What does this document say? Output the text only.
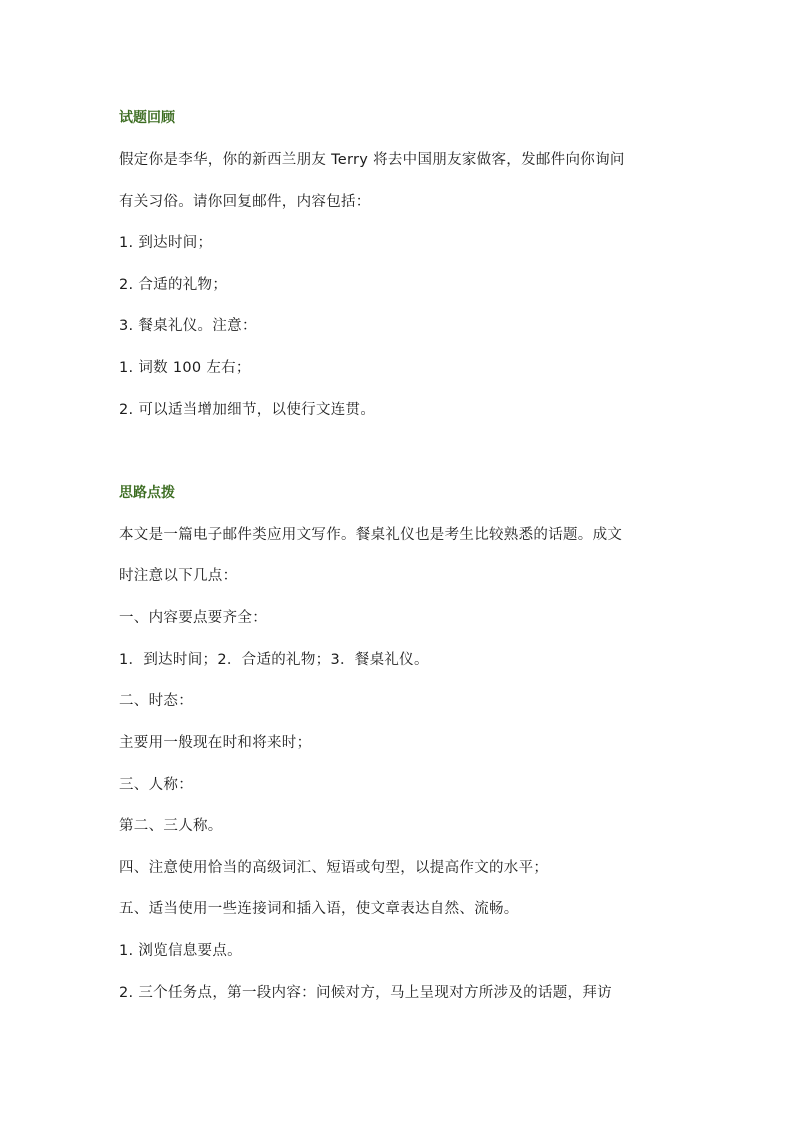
试题回顾
假定你是李华，你的新西兰朋友 Terry 将去中国朋友家做客，发邮件向你询问
有关习俗。请你回复邮件，内容包括：
1. 到达时间；
2. 合适的礼物；
3. 餐桌礼仪。注意：
1. 词数 100 左右；
2. 可以适当增加细节，以使行文连贯。
思路点拨
本文是一篇电子邮件类应用文写作。餐桌礼仪也是考生比较熟悉的话题。成文
时注意以下几点：
一、内容要点要齐全：
1．到达时间；2．合适的礼物；3．餐桌礼仪。
二、时态：
主要用一般现在时和将来时；
三、人称：
第二、三人称。
四、注意使用恰当的高级词汇、短语或句型，以提高作文的水平；
五、适当使用一些连接词和插入语，使文章表达自然、流畅。
1. 浏览信息要点。
2. 三个任务点，第一段内容：问候对方，马上呈现对方所涉及的话题，拜访
